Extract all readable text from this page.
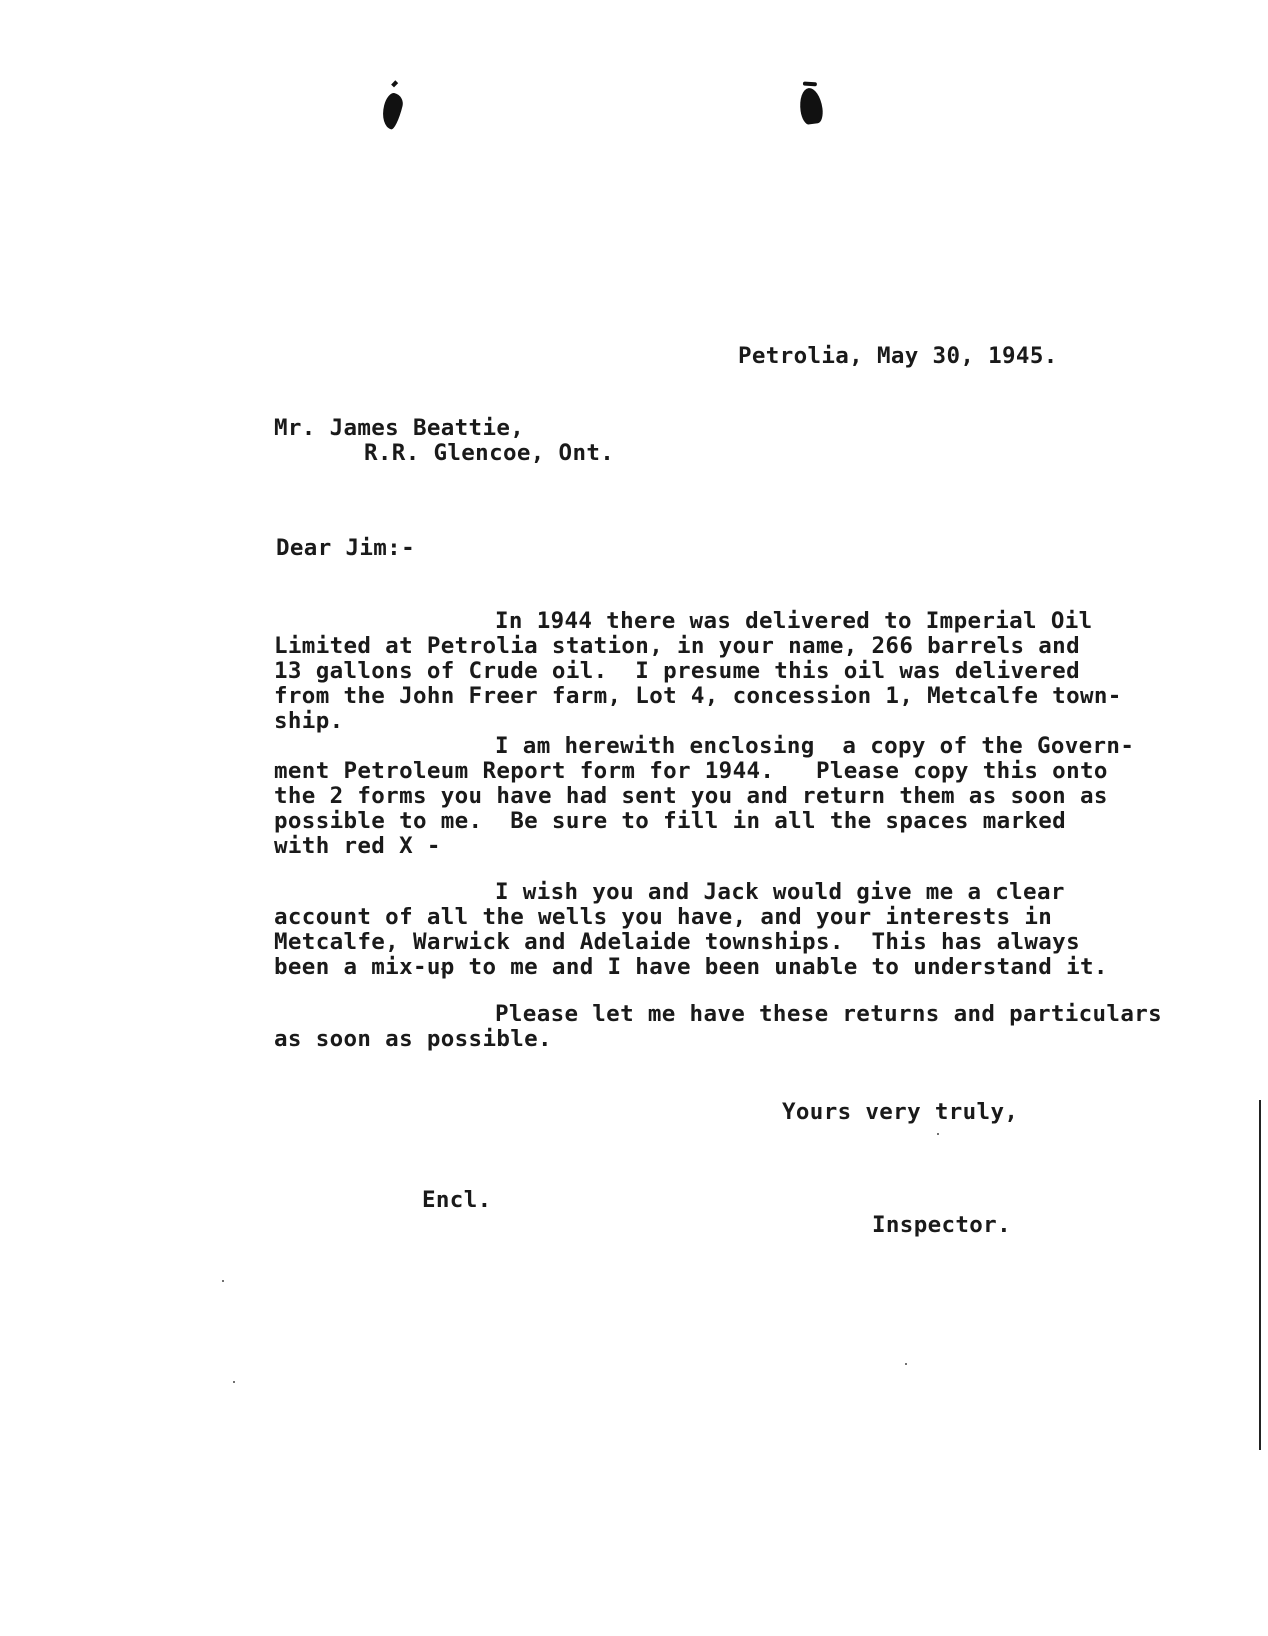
Petrolia, May 30, 1945.
Mr. James Beattie,
R.R. Glencoe, Ont.
Dear Jim:-
In 1944 there was delivered to Imperial Oil
Limited at Petrolia station, in your name, 266 barrels and
13 gallons of Crude oil.  I presume this oil was delivered
from the John Freer farm, Lot 4, concession 1, Metcalfe town-
ship.
I am herewith enclosing  a copy of the Govern-
ment Petroleum Report form for 1944.   Please copy this onto
the 2 forms you have had sent you and return them as soon as
possible to me.  Be sure to fill in all the spaces marked
with red X -
I wish you and Jack would give me a clear
account of all the wells you have, and your interests in
Metcalfe, Warwick and Adelaide townships.  This has always
been a mix-up to me and I have been unable to understand it.
Please let me have these returns and particulars
as soon as possible.
Yours very truly,
Encl.
Inspector.
